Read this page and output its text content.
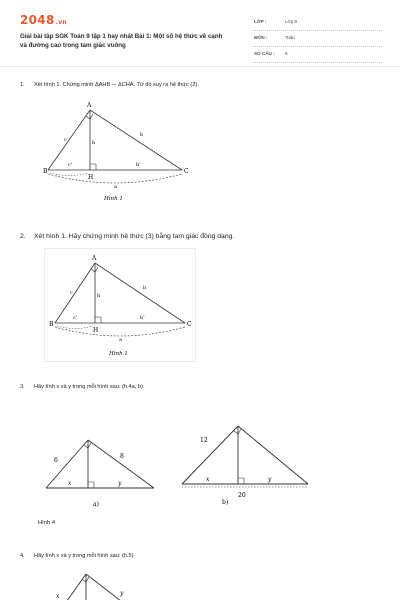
2048.vn
Giải bài tập SGK Toán 9 tập 1 hay nhất Bài 1: Một số hệ thức về cạnh và đường cao trong tam giác vuông
LỚP :	Lớp 9
MÔN :	Toán
SỐ CÂU : 6
1. Xét hình 1. Chứng minh ΔAHB ∼ ΔCHA. Từ đó suy ra hệ thức (2).
A
B	C
H
c
b
h
c'	b'
a
Hình 1
2. Xét hình 1. Hãy chứng minh hệ thức (3) bằng tam giác đồng dạng.
A
B	C
H
c
b
h
c'	b'
a
Hình 1
3. Hãy tính x và y trong mỗi hình sau: (h.4a, b)
6
8
x	y
a)
12
x	y
20
b)
Hình 4
4. Hãy tính x và y trong mỗi hình sau: (h.5)
x	y
